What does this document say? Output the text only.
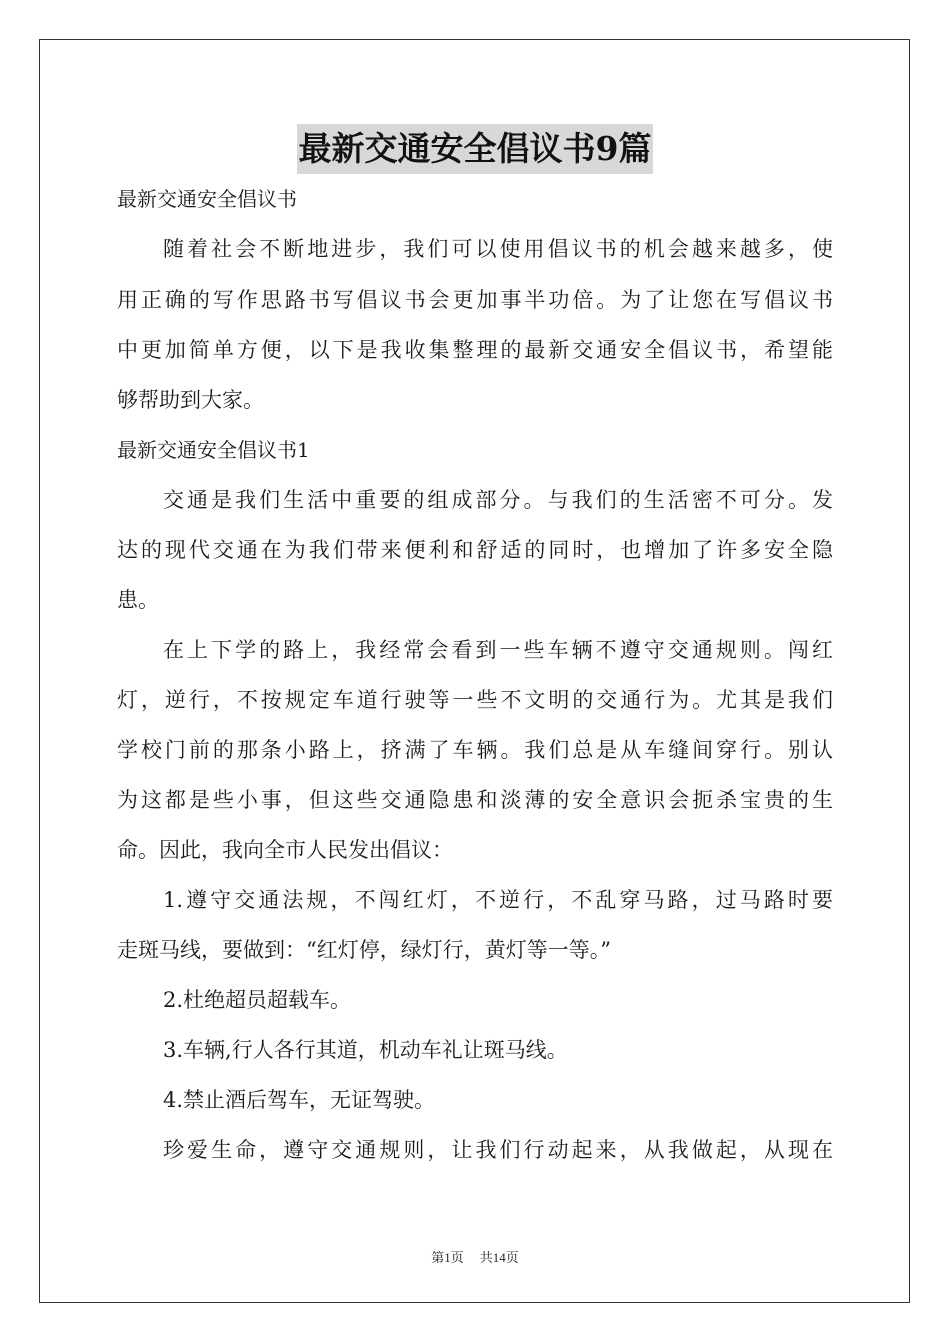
最新交通安全倡议书9篇
最新交通安全倡议书
随着社会不断地进步，我们可以使用倡议书的机会越来越多，使
用正确的写作思路书写倡议书会更加事半功倍。为了让您在写倡议书
中更加简单方便，以下是我收集整理的最新交通安全倡议书，希望能
够帮助到大家。
最新交通安全倡议书1
交通是我们生活中重要的组成部分。与我们的生活密不可分。发
达的现代交通在为我们带来便利和舒适的同时，也增加了许多安全隐
患。
在上下学的路上，我经常会看到一些车辆不遵守交通规则。闯红
灯，逆行，不按规定车道行驶等一些不文明的交通行为。尤其是我们
学校门前的那条小路上，挤满了车辆。我们总是从车缝间穿行。别认
为这都是些小事，但这些交通隐患和淡薄的安全意识会扼杀宝贵的生
命。因此，我向全市人民发出倡议：
1.遵守交通法规，不闯红灯，不逆行，不乱穿马路，过马路时要
走斑马线，要做到：“红灯停，绿灯行，黄灯等一等。”
2.杜绝超员超载车。
3.车辆,行人各行其道，机动车礼让斑马线。
4.禁止酒后驾车，无证驾驶。
珍爱生命，遵守交通规则，让我们行动起来，从我做起，从现在
第1页 共14页
